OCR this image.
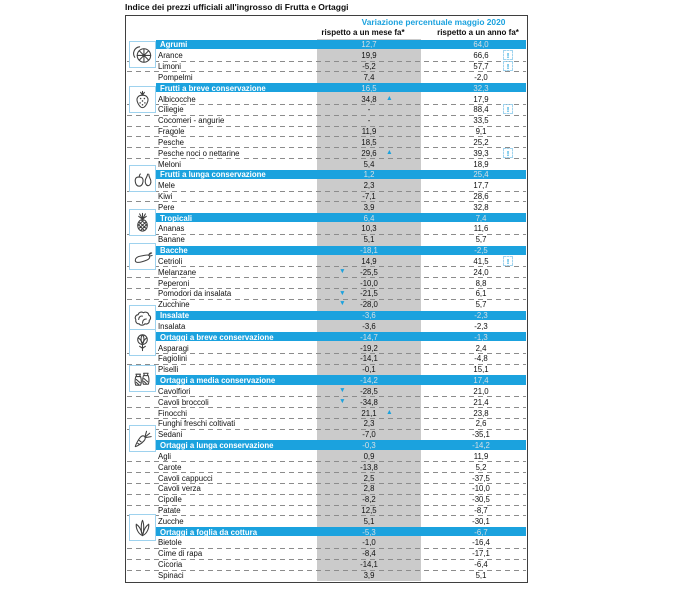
Indice dei prezzi ufficiali all'ingrosso di Frutta e Ortaggi
Variazione percentuale maggio 2020
rispetto a un mese fa*	rispetto a un anno fa*
Agrumi	12,7	64,0
Arance	19,9	66,6	!
Limoni	-5,2	57,7	!
Pompelmi	7,4	-2,0
Frutti a breve conservazione	16,5	32,3
Albicocche	34,8	17,9
▲
Ciliegie	-	88,4	!
Cocomeri - angurie	-	33,5
Fragole	11,9	9,1
Pesche	18,5	25,2
Pesche noci o nettarine	29,6	39,3
▲	!
Meloni	5,4	18,9
Frutti a lunga conservazione	1,2	25,4
Mele	2,3	17,7
Kiwi	-7,1	28,6
Pere	3,9	32,8
Tropicali	6,4	7,4
Ananas	10,3	11,6
Banane	5,1	5,7
Bacche	-18,1	-2,5
Cetrioli	14,9	41,5	!
Melanzane	-25,5	24,0
▼
Peperoni	-10,0	8,8
Pomodori da insalata	-21,5	6,1
▼
Zucchine	-28,0	5,7
▼
Insalate	-3,6	-2,3
Insalata	-3,6	-2,3
Ortaggi a breve conservazione	-14,7	-1,3
Asparagi	-19,2	2,4
Fagiolini	-14,1	-4,8
Piselli	-0,1	15,1
Ortaggi a media conservazione	-14,2	17,4
Cavolfiori	-28,5	21,0
▼
Cavoli broccoli	-34,8	21,4
▼
Finocchi	21,1	23,8
▲
Funghi freschi coltivati	2,3	2,6
Sedani	-7,0	-35,1
Ortaggi a lunga conservazione	-0,3	-14,2
Agli	0,9	11,9
Carote	-13,8	5,2
Cavoli cappucci	2,5	-37,5
Cavoli verza	2,8	-10,0
Cipolle	-8,2	-30,5
Patate	12,5	-8,7
Zucche	5,1	-30,1
Ortaggi a foglia da cottura	-5,3	-6,7
Bietole	-1,0	-16,4
Cime di rapa	-8,4	-17,1
Cicoria	-14,1	-6,4
Spinaci	3,9	5,1
